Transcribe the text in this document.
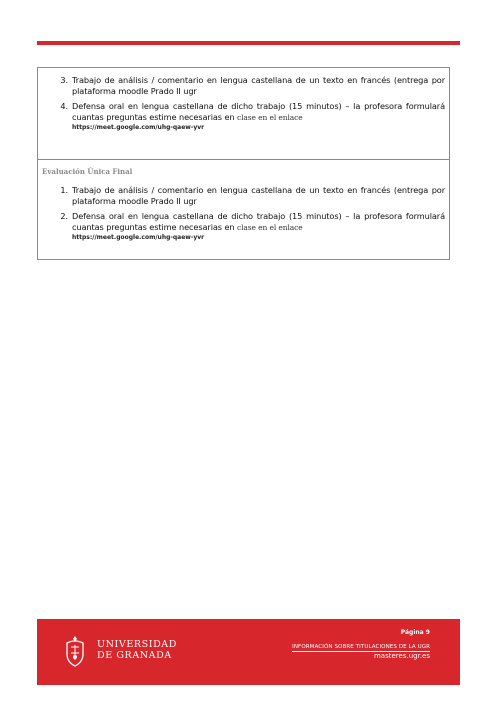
3. Trabajo de análisis / comentario en lengua castellana de un texto en francés (entrega por plataforma moodle Prado II ugr
4. Defensa oral en lengua castellana de dicho trabajo (15 minutos) – la profesora formulará cuantas preguntas estime necesarias en clase en el enlace
https://meet.google.com/uhg-qaew-yvr
Evaluación Única Final
1. Trabajo de análisis / comentario en lengua castellana de un texto en francés (entrega por plataforma moodle Prado II ugr
2. Defensa oral en lengua castellana de dicho trabajo (15 minutos) – la profesora formulará cuantas preguntas estime necesarias en clase en el enlace
https://meet.google.com/uhg-qaew-yvr
UNIVERSIDAD
DE GRANADA
Página 9
INFORMACIÓN SOBRE TITULACIONES DE LA UGR
masteres.ugr.es
